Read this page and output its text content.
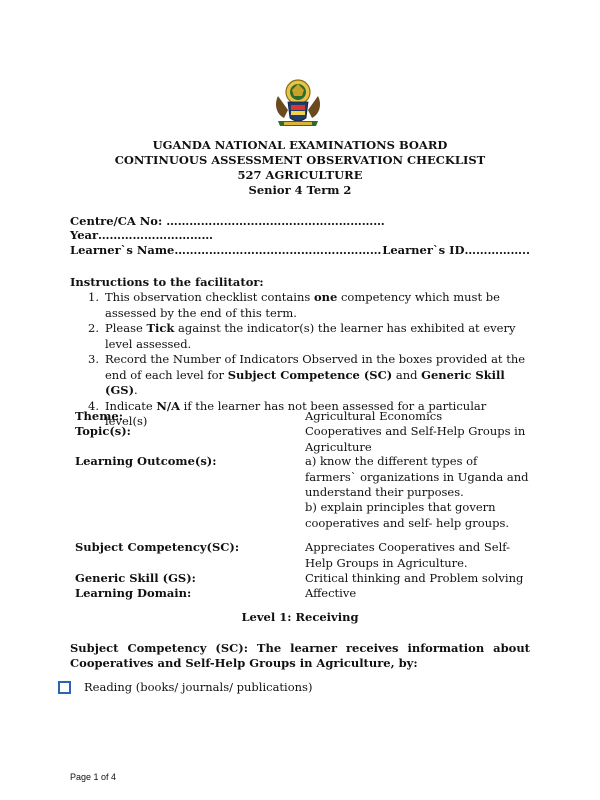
UGANDA NATIONAL EXAMINATIONS BOARD
CONTINUOUS ASSESSMENT OBSERVATION CHECKLIST
527 AGRICULTURE
Senior 4 Term 2
Centre/CA No: ………………………………………………… Year…………………………
Learner`s Name……………………………………………… Learner`s ID……………..
Instructions to the facilitator:
1. This observation checklist contains one competency which must be assessed by the end of this term.
2. Please Tick against the indicator(s) the learner has exhibited at every level assessed.
3. Record the Number of Indicators Observed in the boxes provided at the end of each level for Subject Competence (SC) and Generic Skill (GS).
4. Indicate N/A if the learner has not been assessed for a particular level(s)
Theme:	Agricultural Economics
Topic(s):	Cooperatives and Self-Help Groups in Agriculture
Learning Outcome(s):	a) know the different types of farmers` organizations in Uganda and understand their purposes.
b) explain principles that govern cooperatives and self- help groups.
Subject Competency(SC):	Appreciates Cooperatives and Self-Help Groups in Agriculture.
Generic Skill (GS):	Critical thinking and Problem solving
Learning Domain:	Affective
Level 1: Receiving
Subject Competency (SC): The learner receives information about
Cooperatives and Self-Help Groups in Agriculture, by:
Reading (books/ journals/ publications)
Page 1 of 4
